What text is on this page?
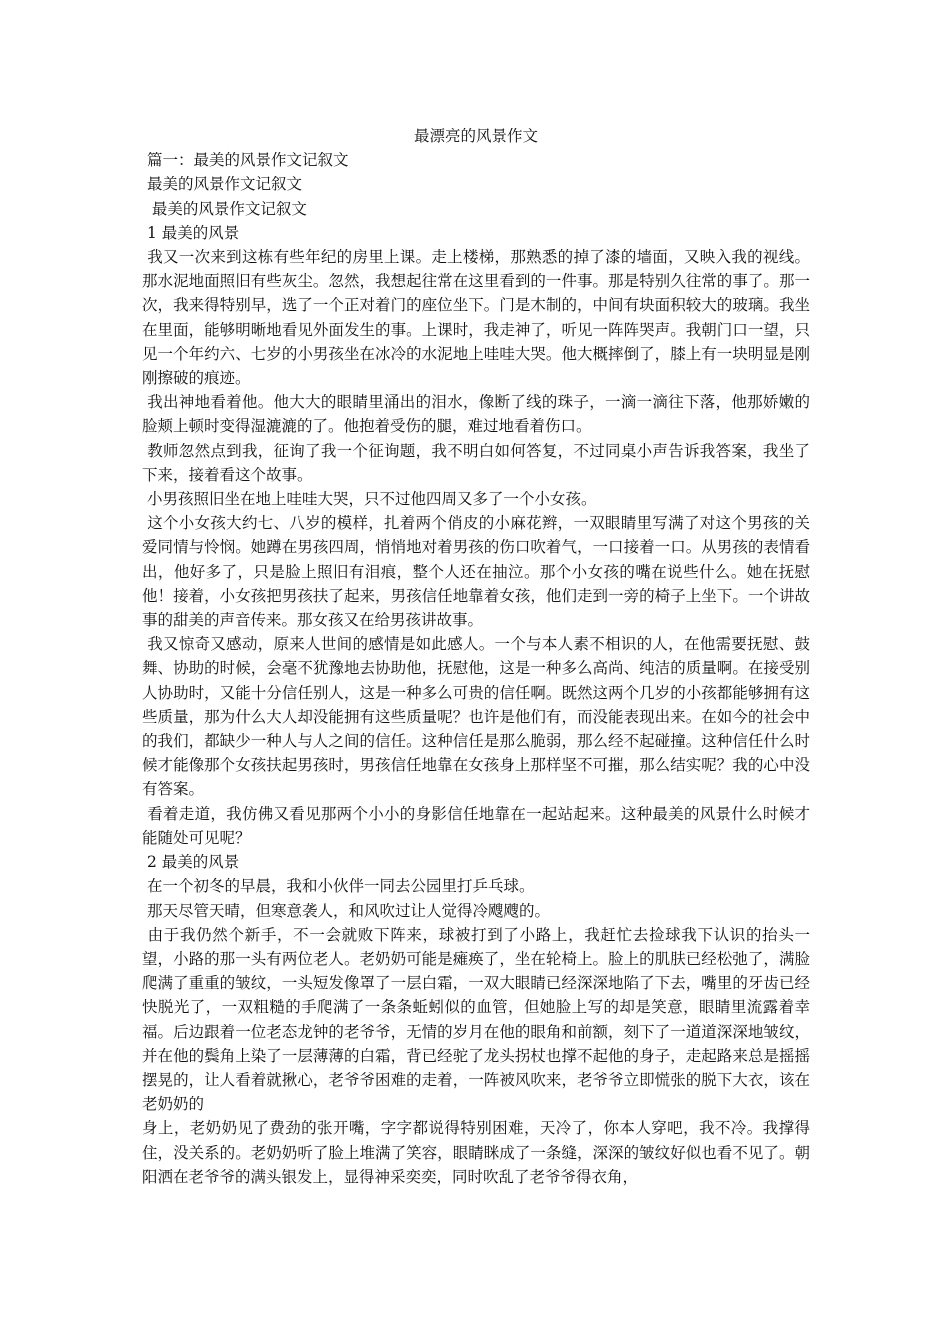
最漂亮的风景作文
篇一：最美的风景作文记叙文
最美的风景作文记叙文
最美的风景作文记叙文
1 最美的风景

我又一次来到这栋有些年纪的房里上课。走上楼梯，那熟悉的掉了漆的墙面，又映入我的视线。那水泥地面照旧有些灰尘。忽然，我想起往常在这里看到的一件事。那是特别久往常的事了。那一次，我来得特别早，选了一个正对着门的座位坐下。门是木制的，中间有块面积较大的玻璃。我坐在里面，能够明晰地看见外面发生的事。上课时，我走神了，听见一阵阵哭声。我朝门口一望，只见一个年约六、七岁的小男孩坐在冰冷的水泥地上哇哇大哭。他大概摔倒了，膝上有一块明显是刚刚擦破的痕迹。

我出神地看着他。他大大的眼睛里涌出的泪水，像断了线的珠子，一滴一滴往下落，他那娇嫩的脸颊上顿时变得湿漉漉的了。他抱着受伤的腿，难过地看着伤口。

教师忽然点到我，征询了我一个征询题，我不明白如何答复，不过同桌小声告诉我答案，我坐了下来，接着看这个故事。

小男孩照旧坐在地上哇哇大哭，只不过他四周又多了一个小女孩。

这个小女孩大约七、八岁的模样，扎着两个俏皮的小麻花辫，一双眼睛里写满了对这个男孩的关爱同情与怜悯。她蹲在男孩四周，悄悄地对着男孩的伤口吹着气，一口接着一口。从男孩的表情看出，他好多了，只是脸上照旧有泪痕，整个人还在抽泣。那个小女孩的嘴在说些什么。她在抚慰他！接着，小女孩把男孩扶了起来，男孩信任地靠着女孩，他们走到一旁的椅子上坐下。一个讲故事的甜美的声音传来。那女孩又在给男孩讲故事。

我又惊奇又感动，原来人世间的感情是如此感人。一个与本人素不相识的人，在他需要抚慰、鼓舞、协助的时候，会毫不犹豫地去协助他，抚慰他，这是一种多么高尚、纯洁的质量啊。在接受别人协助时，又能十分信任别人，这是一种多么可贵的信任啊。既然这两个几岁的小孩都能够拥有这些质量，那为什么大人却没能拥有这些质量呢？也许是他们有，而没能表现出来。在如今的社会中的我们，都缺少一种人与人之间的信任。这种信任是那么脆弱，那么经不起碰撞。这种信任什么时候才能像那个女孩扶起男孩时，男孩信任地靠在女孩身上那样坚不可摧，那么结实呢？我的心中没有答案。

看着走道，我仿佛又看见那两个小小的身影信任地靠在一起站起来。这种最美的风景什么时候才能随处可见呢？

2 最美的风景

在一个初冬的早晨，我和小伙伴一同去公园里打乒乓球。

那天尽管天晴，但寒意袭人，和风吹过让人觉得冷飕飕的。

由于我仍然个新手，不一会就败下阵来，球被打到了小路上，我赶忙去捡球我下认识的抬头一望，小路的那一头有两位老人。老奶奶可能是瘫痪了，坐在轮椅上。脸上的肌肤已经松弛了，满脸爬满了重重的皱纹，一头短发像罩了一层白霜，一双大眼睛已经深深地陷了下去，嘴里的牙齿已经快脱光了，一双粗糙的手爬满了一条条蚯蚓似的血管，但她脸上写的却是笑意，眼睛里流露着幸福。后边跟着一位老态龙钟的老爷爷，无情的岁月在他的眼角和前额，刻下了一道道深深地皱纹，并在他的鬓角上染了一层薄薄的白霜，背已经驼了龙头拐杖也撑不起他的身子，走起路来总是摇摇摆晃的，让人看着就揪心，老爷爷困难的走着，一阵被风吹来，老爷爷立即慌张的脱下大衣，该在老奶奶的

身上，老奶奶见了费劲的张开嘴，字字都说得特别困难，天冷了，你本人穿吧，我不冷。我撑得住，没关系的。老奶奶听了脸上堆满了笑容，眼睛眯成了一条缝，深深的皱纹好似也看不见了。朝阳洒在老爷爷的满头银发上，显得神采奕奕，同时吹乱了老爷爷得衣角，
